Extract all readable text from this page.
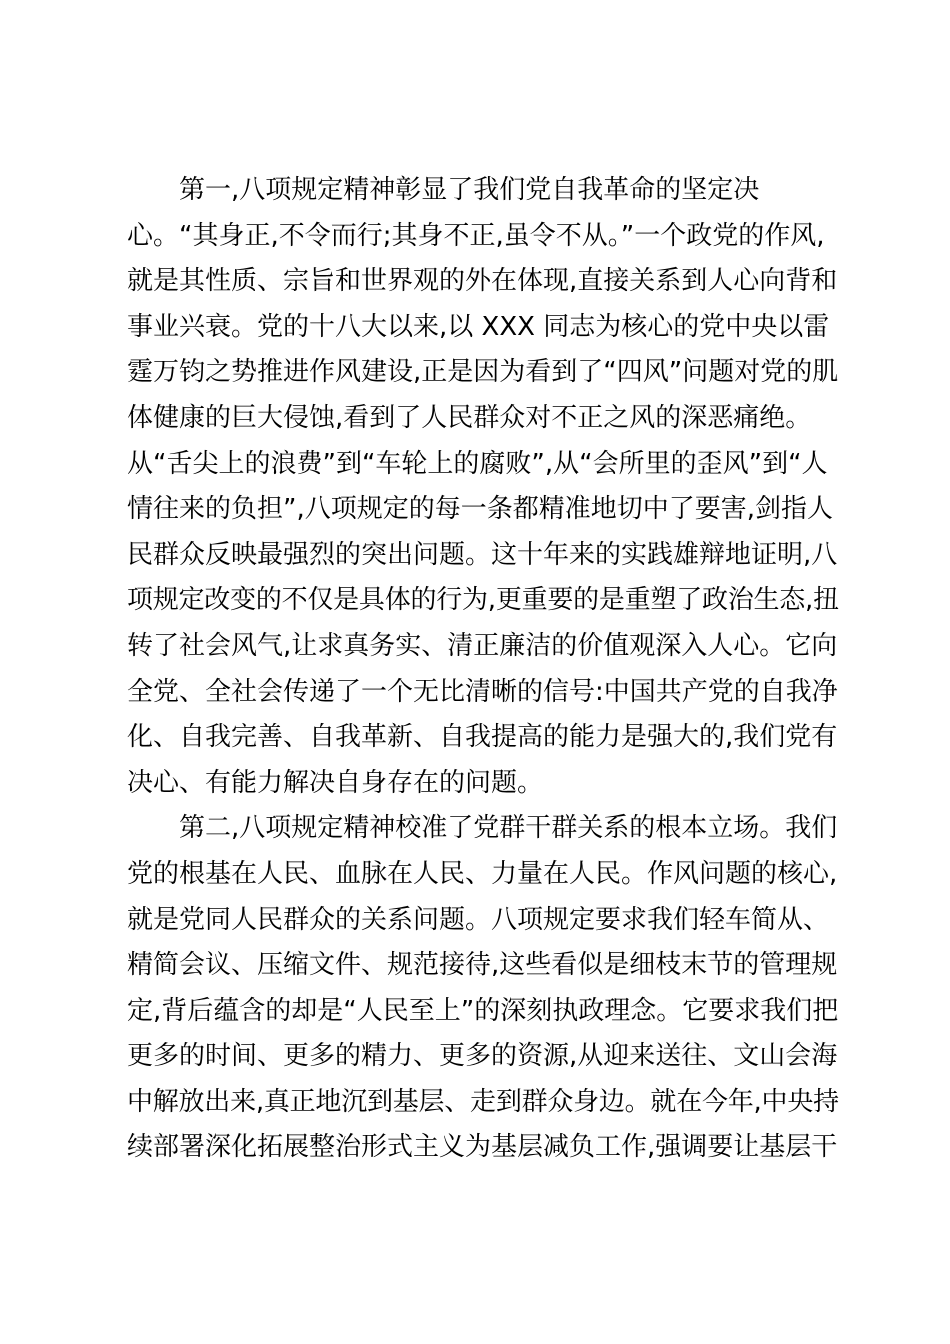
第一,八项规定精神彰显了我们党自我革命的坚定决
心。“其身正,不令而行;其身不正,虽令不从。”一个政党的作风,
就是其性质、宗旨和世界观的外在体现,直接关系到人心向背和
事业兴衰。党的十八大以来,以 XXX 同志为核心的党中央以雷
霆万钧之势推进作风建设,正是因为看到了“四风”问题对党的肌
体健康的巨大侵蚀,看到了人民群众对不正之风的深恶痛绝。
从“舌尖上的浪费”到“车轮上的腐败”,从“会所里的歪风”到“人
情往来的负担”,八项规定的每一条都精准地切中了要害,剑指人
民群众反映最强烈的突出问题。这十年来的实践雄辩地证明,八
项规定改变的不仅是具体的行为,更重要的是重塑了政治生态,扭
转了社会风气,让求真务实、清正廉洁的价值观深入人心。它向
全党、全社会传递了一个无比清晰的信号:中国共产党的自我净
化、自我完善、自我革新、自我提高的能力是强大的,我们党有
决心、有能力解决自身存在的问题。
第二,八项规定精神校准了党群干群关系的根本立场。我们
党的根基在人民、血脉在人民、力量在人民。作风问题的核心,
就是党同人民群众的关系问题。八项规定要求我们轻车简从、
精简会议、压缩文件、规范接待,这些看似是细枝末节的管理规
定,背后蕴含的却是“人民至上”的深刻执政理念。它要求我们把
更多的时间、更多的精力、更多的资源,从迎来送往、文山会海
中解放出来,真正地沉到基层、走到群众身边。就在今年,中央持
续部署深化拓展整治形式主义为基层减负工作,强调要让基层干
